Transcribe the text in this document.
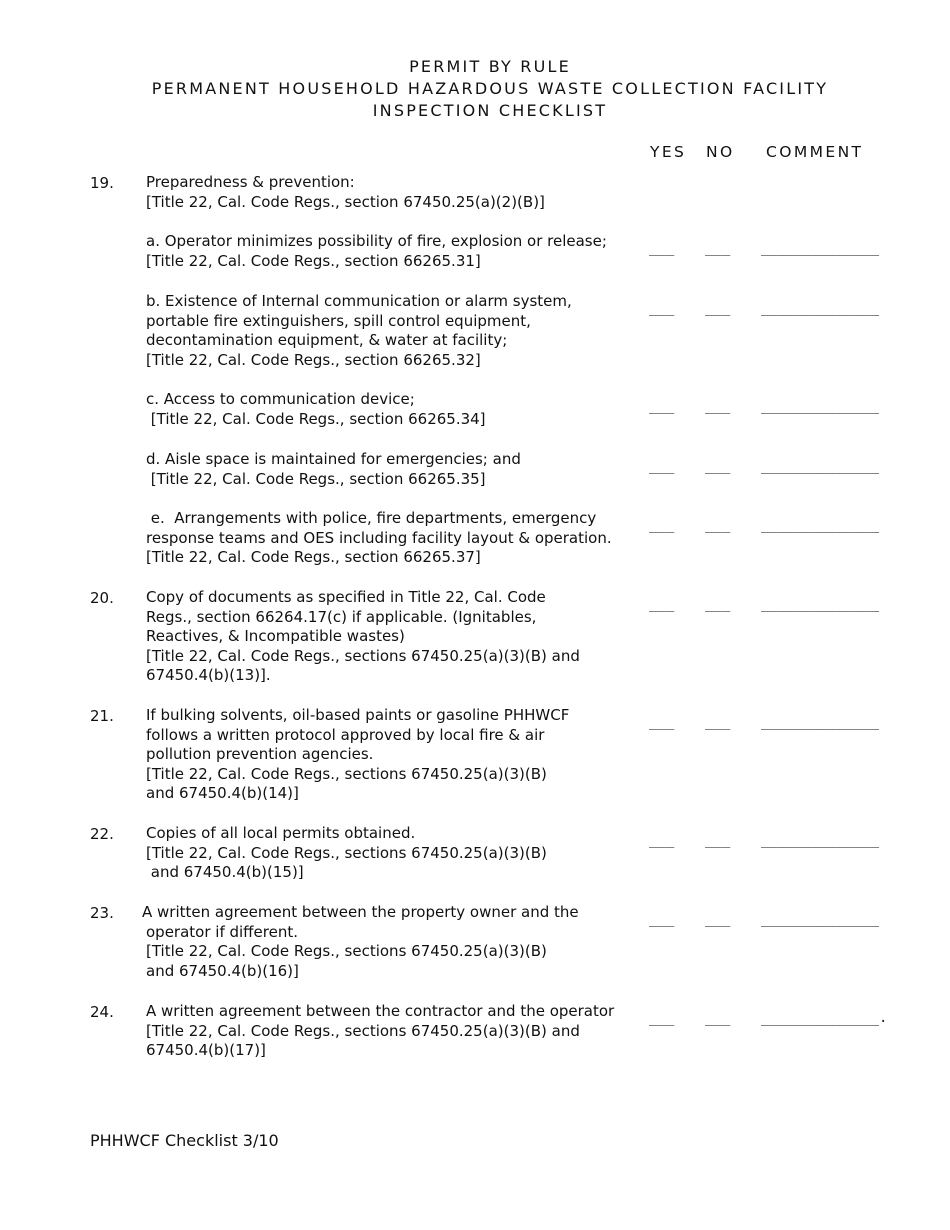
PERMIT BY RULE
PERMANENT HOUSEHOLD HAZARDOUS WASTE COLLECTION FACILITY
INSPECTION CHECKLIST
YES NO COMMENT
19. Preparedness & prevention:
[Title 22, Cal. Code Regs., section 67450.25(a)(2)(B)]
a. Operator minimizes possibility of fire, explosion or release;
[Title 22, Cal. Code Regs., section 66265.31]
___ ___ ______________
b. Existence of Internal communication or alarm system,
portable fire extinguishers, spill control equipment,
decontamination equipment, & water at facility;
[Title 22, Cal. Code Regs., section 66265.32]
___ ___ ______________
c. Access to communication device;
[Title 22, Cal. Code Regs., section 66265.34]
___ ___ ______________
d. Aisle space is maintained for emergencies; and
[Title 22, Cal. Code Regs., section 66265.35]
___ ___ ______________
e.  Arrangements with police, fire departments, emergency
response teams and OES including facility layout & operation.
[Title 22, Cal. Code Regs., section 66265.37]
___ ___ ______________
20. Copy of documents as specified in Title 22, Cal. Code
Regs., section 66264.17(c) if applicable. (Ignitables,
Reactives, & Incompatible wastes)
[Title 22, Cal. Code Regs., sections 67450.25(a)(3)(B) and
67450.4(b)(13)].
___ ___ ______________
21. If bulking solvents, oil-based paints or gasoline PHHWCF
follows a written protocol approved by local fire & air
pollution prevention agencies.
[Title 22, Cal. Code Regs., sections 67450.25(a)(3)(B)
and 67450.4(b)(14)]
___ ___ ______________
22. Copies of all local permits obtained.
[Title 22, Cal. Code Regs., sections 67450.25(a)(3)(B)
and 67450.4(b)(15)]
___ ___ ______________
23. A written agreement between the property owner and the
operator if different.
[Title 22, Cal. Code Regs., sections 67450.25(a)(3)(B)
and 67450.4(b)(16)]
___ ___ ______________
24. A written agreement between the contractor and the operator
[Title 22, Cal. Code Regs., sections 67450.25(a)(3)(B) and
67450.4(b)(17)]
___ ___ ______________.
PHHWCF Checklist 3/10
